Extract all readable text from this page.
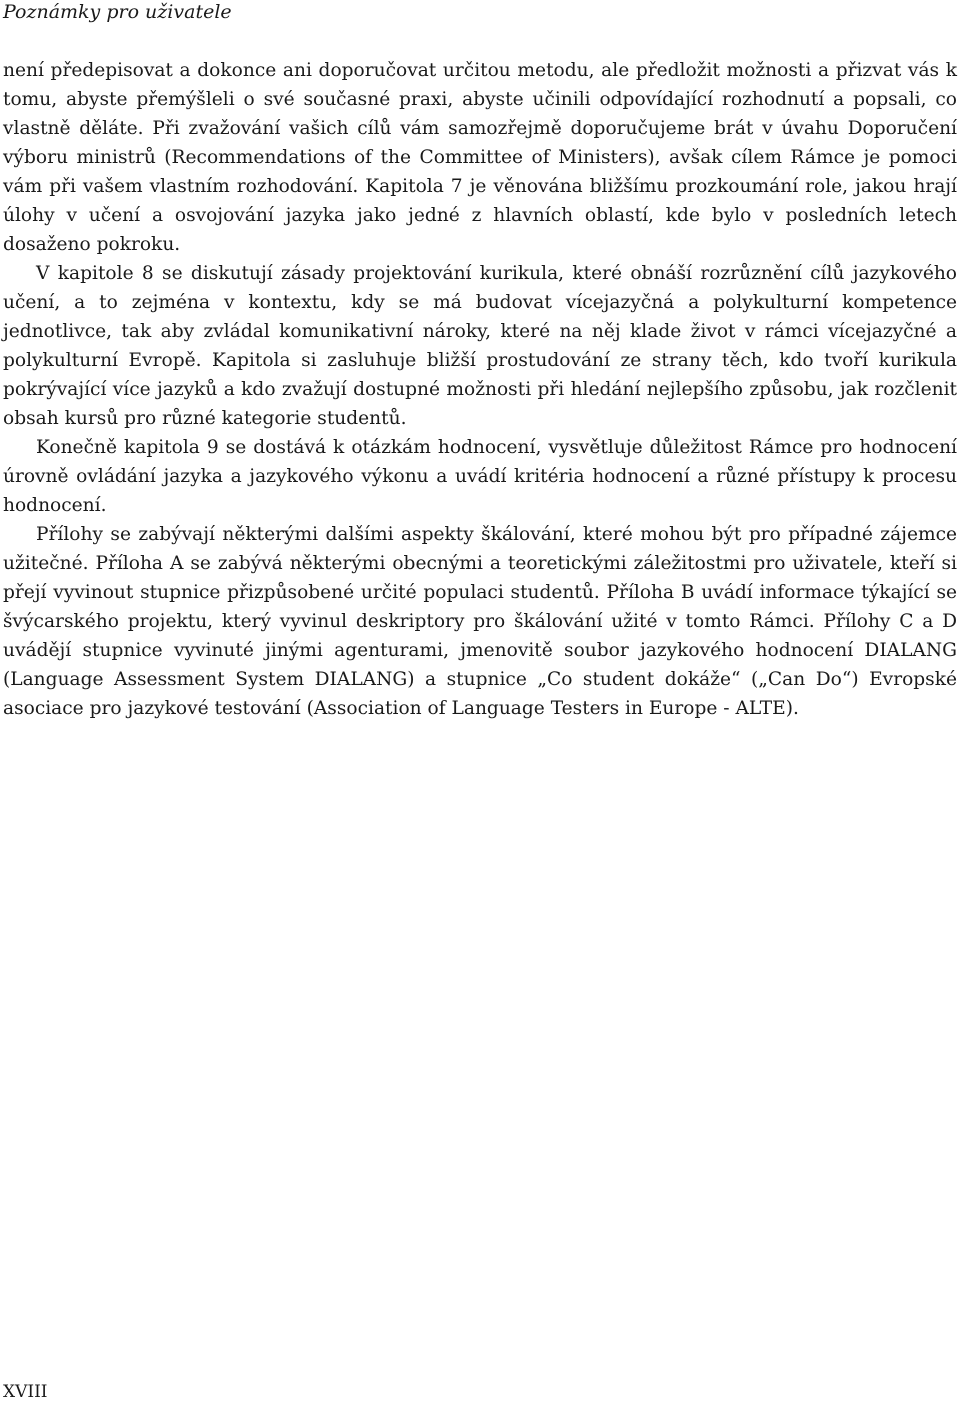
Poznámky pro uživatele

není předepisovat a dokonce ani doporučovat určitou metodu, ale předložit možnosti a přizvat vás k tomu, abyste přemýšleli o své současné praxi, abyste učinili odpovídající rozhodnutí a popsali, co vlastně děláte. Při zvažování vašich cílů vám samozřejmě doporučujeme brát v úvahu Doporučení výboru ministrů (Recommendations of the Committee of Ministers), avšak cílem Rámce je pomoci vám při vašem vlastním rozhodování. Kapitola 7 je věnována bližšímu prozkoumání role, jakou hrají úlohy v učení a osvojování jazyka jako jedné z hlavních oblastí, kde bylo v posledních letech dosaženo pokroku.

V kapitole 8 se diskutují zásady projektování kurikula, které obnáší rozrůznění cílů jazykového učení, a to zejména v kontextu, kdy se má budovat vícejazyčná a polykulturní kompetence jednotlivce, tak aby zvládal komunikativní nároky, které na něj klade život v rámci vícejazyčné a polykulturní Evropě. Kapitola si zasluhuje bližší prostudování ze strany těch, kdo tvoří kurikula pokrývající více jazyků a kdo zvažují dostupné možnosti při hledání nejlepšího způsobu, jak rozčlenit obsah kursů pro různé kategorie studentů.

Konečně kapitola 9 se dostává k otázkám hodnocení, vysvětluje důležitost Rámce pro hodnocení úrovně ovládání jazyka a jazykového výkonu a uvádí kritéria hodnocení a různé přístupy k procesu hodnocení.

Přílohy se zabývají některými dalšími aspekty škálování, které mohou být pro případné zájemce užitečné. Příloha A se zabývá některými obecnými a teoretickými záležitostmi pro uživatele, kteří si přejí vyvinout stupnice přizpůsobené určité populaci studentů. Příloha B uvádí informace týkající se švýcarského projektu, který vyvinul deskriptory pro škálování užité v tomto Rámci. Přílohy C a D uvádějí stupnice vyvinuté jinými agenturami, jmenovitě soubor jazykového hodnocení DIALANG (Language Assessment System DIALANG) a stupnice „Co student dokáže“ („Can Do“) Evropské asociace pro jazykové testování (Association of Language Testers in Europe - ALTE).

XVIII
